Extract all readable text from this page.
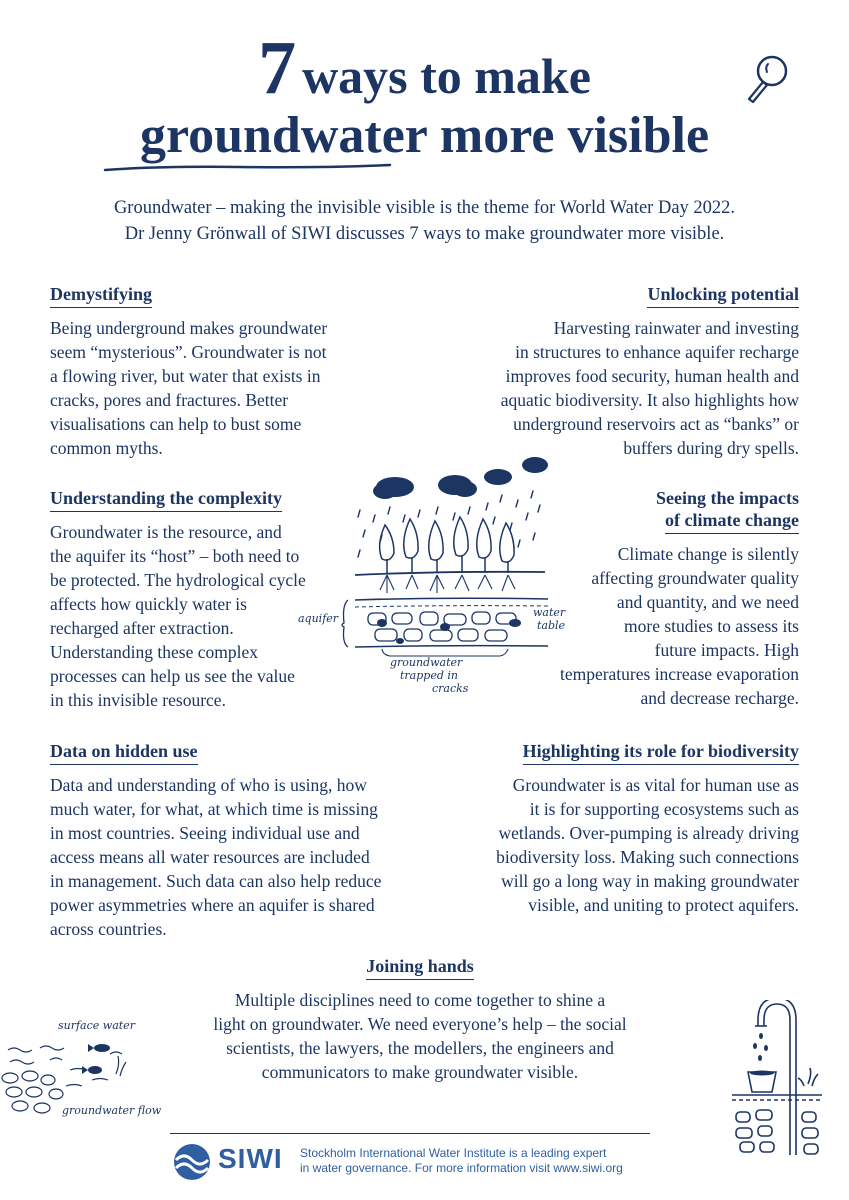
7 ways to make
groundwater more visible
Groundwater – making the invisible visible is the theme for World Water Day 2022.
Dr Jenny Grönwall of SIWI discusses 7 ways to make groundwater more visible.
Demystifying
Being underground makes groundwater
seem “mysterious”. Groundwater is not
a flowing river, but water that exists in
cracks, pores and fractures. Better
visualisations can help to bust some
common myths.
Unlocking potential
Harvesting rainwater and investing
in structures to enhance aquifer recharge
improves food security, human health and
aquatic biodiversity. It also highlights how
underground reservoirs act as “banks” or
buffers during dry spells.
Understanding the complexity
Groundwater is the resource, and
the aquifer its “host” – both need to
be protected. The hydrological cycle
affects how quickly water is
recharged after extraction.
Understanding these complex
processes can help us see the value
in this invisible resource.
Seeing the impacts
of climate change
Climate change is silently
affecting groundwater quality
and quantity, and we need
more studies to assess its
future impacts. High
temperatures increase evaporation
and decrease recharge.
aquifer	water
table
groundwater
trapped in
cracks
Data on hidden use
Data and understanding of who is using, how
much water, for what, at which time is missing
in most countries. Seeing individual use and
access means all water resources are included
in management. Such data can also help reduce
power asymmetries where an aquifer is shared
across countries.
Highlighting its role for biodiversity
Groundwater is as vital for human use as
it is for supporting ecosystems such as
wetlands. Over-pumping is already driving
biodiversity loss. Making such connections
will go a long way in making groundwater
visible, and uniting to protect aquifers.
Joining hands
Multiple disciplines need to come together to shine a
light on groundwater. We need everyone’s help – the social
scientists, the lawyers, the modellers, the engineers and
communicators to make groundwater visible.
surface water
groundwater flow
SIWI Stockholm International Water Institute is a leading expert
in water governance. For more information visit www.siwi.org
